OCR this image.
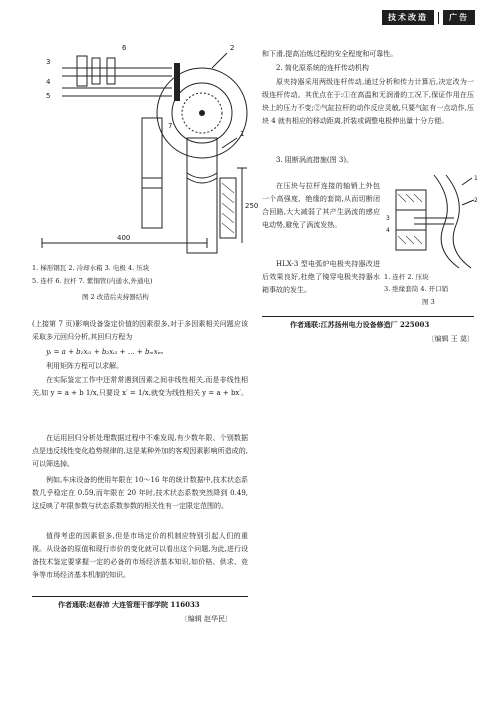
技术改造	广告
1
2
3
4
5
6
7
400
250
1. 梯形钢瓦 2. 冷却水箱 3. 电极 4. 压块
5. 连杆 6. 拉杆 7. 紫铜管(内通水,外通电)
图 2 改造后夹持器结构
和下滑,提高冶炼过程的安全程度和可靠性。
2. 简化原系统的连杆传动机构
原夹持器采用两级连杆传动,通过分析和传力计算后,决定改为一级连杆传动。其优点在于:①在高温和无润滑的工况下,保证作用在压块上的压力不变;②气缸拉杆的动作反应灵敏,只要气缸有一点动作,压块 4 就有相应的移动距离,折装或调整电极伸出量十分方便。
3. 阻断涡流措施(图 3)。
在压块与拉杆连接的轴销上外包一个高强度、绝缘的套筒,从而切断闭合回路,大大减弱了其产生涡流的感应电动势,避免了涡流发热。
HLX-3 型电弧炉电极夹持器改进后效果良好,杜绝了镜穿电极夹持器水箱事故的发生。
1
2
3
4
1. 连杆 2. 压块
3. 绝缘套筒 4. 开口销
图 3
作者通联:江苏扬州电力设备修造厂 225003
〔编辑 王 莫〕
(上接第 7 页)影响设备鉴定价值的因素很多,对于多因素相关问题应该采取多元回归分析,其回归方程为
yᵢ = a + b₁xᵢ₁ + b₂xᵢ₂ + … + bₘxᵢₘ
利用矩阵方程可以求解。
在实际鉴定工作中还常常遇到因素之间非线性相关,而是非线性相关,如 y = a + b 1/x,只要设 x′ = 1/x,就变为线性相关 y = a + bx′。
在运用回归分析处理数据过程中不难发现,有少数年限、个别数据点是违反线性变化趋势规律的,这是某种外加的客观因素影响所造成的,可以筛选掉。
例如,车床设备的使用年限在 10～16 年的统计数据中,技术状态系数几乎稳定在 0.59,而年限在 20 年时,技术状态系数突然降到 0.49,这反映了年限参数与状态系数参数的相关性有一定限定范围的。
值得考虑的因素很多,但是市场定价的机制应特别引起人们的重视。从设备的原值和现行市价的变化就可以看出这个问题,为此,进行设备技术鉴定要掌握一定的必备的市场经济基本知识,如价格、供求、竞争等市场经济基本机制的知识。
作者通联:赵春沛 大连管理干部学院 116033
〔编辑 赵华民〕
